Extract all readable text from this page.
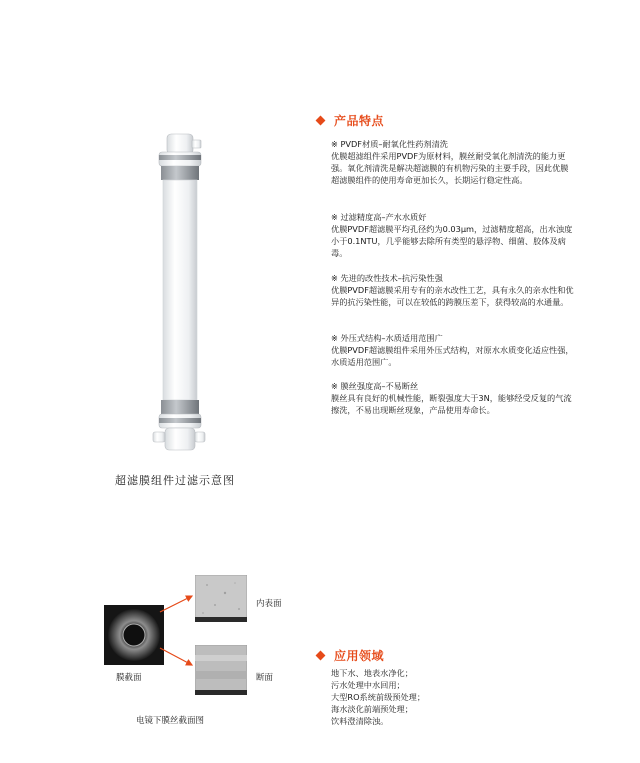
超滤膜组件过滤示意图
产品特点
※ PVDF材质–耐氧化性药剂清洗
优膜超滤组件采用PVDF为原材料，膜丝耐受氧化剂清洗的能力更强。氧化剂清洗是解决超滤膜的有机物污染的主要手段，因此优膜超滤膜组件的使用寿命更加长久，长期运行稳定性高。
※ 过滤精度高–产水水质好
优膜PVDF超滤膜平均孔径约为0.03μm，过滤精度超高，出水浊度小于0.1NTU，几乎能够去除所有类型的悬浮物、细菌、胶体及病毒。
※ 先进的改性技术–抗污染性强
优膜PVDF超滤膜采用专有的亲水改性工艺，具有永久的亲水性和优异的抗污染性能，可以在较低的跨膜压差下，获得较高的水通量。
※ 外压式结构–水质适用范围广
优膜PVDF超滤膜组件采用外压式结构，对原水水质变化适应性强，水质适用范围广。
※ 膜丝强度高–不易断丝
膜丝具有良好的机械性能，断裂强度大于3N，能够经受反复的气流擦洗，不易出现断丝现象，产品使用寿命长。
膜截面
内表面
断面
电镜下膜丝截面图
应用领域
地下水、地表水净化；
污水处理中水回用；
大型RO系统前级预处理；
海水淡化前端预处理；
饮料澄清除浊。
